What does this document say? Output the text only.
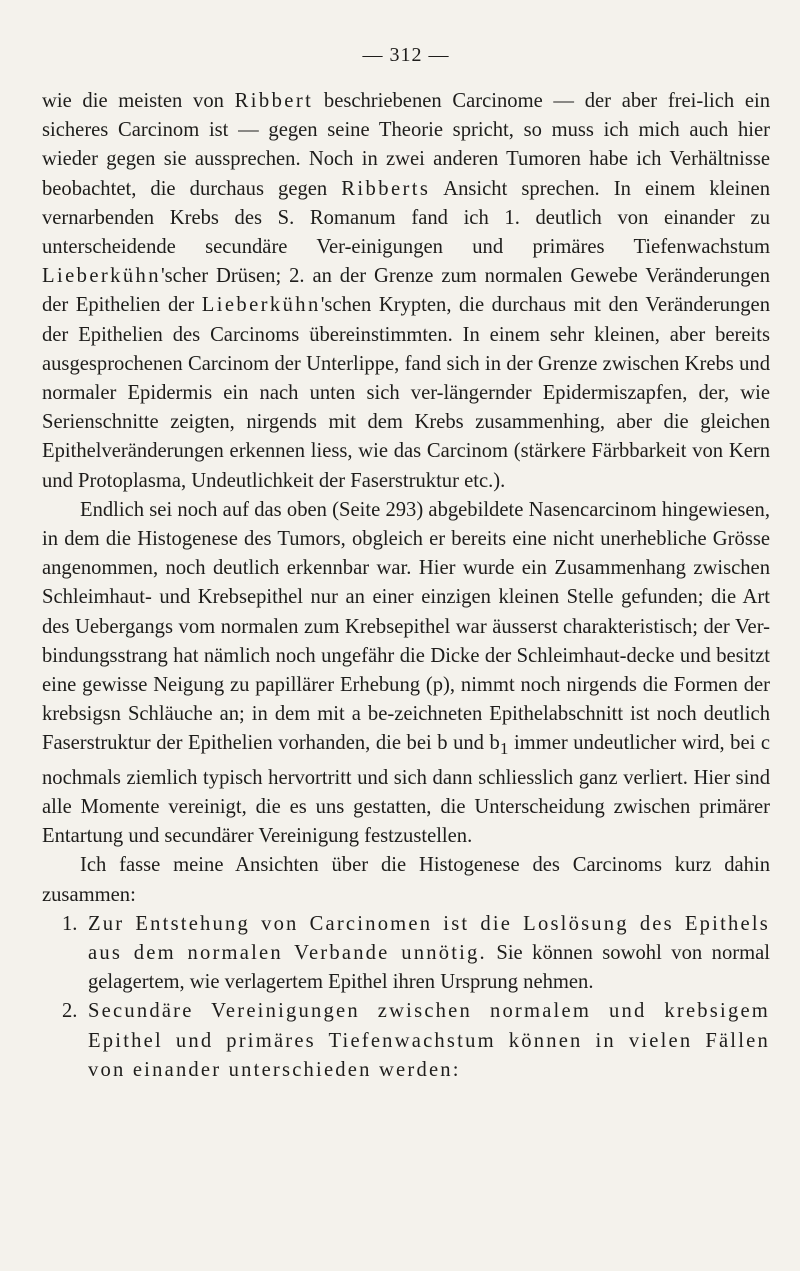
— 312 —

wie die meisten von Ribbert beschriebenen Carcinome — der aber frei-lich ein sicheres Carcinom ist — gegen seine Theorie spricht, so muss ich mich auch hier wieder gegen sie aussprechen. Noch in zwei anderen Tumoren habe ich Verhältnisse beobachtet, die durchaus gegen Ribberts Ansicht sprechen. In einem kleinen vernarbenden Krebs des S. Romanum fand ich 1. deutlich von einander zu unterscheidende secundäre Ver-einigungen und primäres Tiefenwachstum Lieberkühn'scher Drüsen; 2. an der Grenze zum normalen Gewebe Veränderungen der Epithelien der Lieberkühn'schen Krypten, die durchaus mit den Veränderungen der Epithelien des Carcinoms übereinstimmten. In einem sehr kleinen, aber bereits ausgesprochenen Carcinom der Unterlippe, fand sich in der Grenze zwischen Krebs und normaler Epidermis ein nach unten sich ver-längernder Epidermiszapfen, der, wie Serienschnitte zeigten, nirgends mit dem Krebs zusammenhing, aber die gleichen Epithelveränderungen erkennen liess, wie das Carcinom (stärkere Färbbarkeit von Kern und Protoplasma, Undeutlichkeit der Faserstruktur etc.).

Endlich sei noch auf das oben (Seite 293) abgebildete Nasencarcinom hingewiesen, in dem die Histogenese des Tumors, obgleich er bereits eine nicht unerhebliche Grösse angenommen, noch deutlich erkennbar war. Hier wurde ein Zusammenhang zwischen Schleimhaut- und Krebsepithel nur an einer einzigen kleinen Stelle gefunden; die Art des Uebergangs vom normalen zum Krebsepithel war äusserst charakteristisch; der Ver-bindungsstrang hat nämlich noch ungefähr die Dicke der Schleimhaut-decke und besitzt eine gewisse Neigung zu papillärer Erhebung (p), nimmt noch nirgends die Formen der krebsigsn Schläuche an; in dem mit a be-zeichneten Epithelabschnitt ist noch deutlich Faserstruktur der Epithelien vorhanden, die bei b und $b_1$ immer undeutlicher wird, bei c nochmals ziemlich typisch hervortritt und sich dann schliesslich ganz verliert. Hier sind alle Momente vereinigt, die es uns gestatten, die Unterscheidung zwischen primärer Entartung und secundärer Vereinigung festzustellen.

Ich fasse meine Ansichten über die Histogenese des Carcinoms kurz dahin zusammen:

1. Zur Entstehung von Carcinomen ist die Loslösung des Epithels aus dem normalen Verbande unnötig. Sie können sowohl von normal gelagertem, wie verlagertem Epithel ihren Ursprung nehmen.
2. Secundäre Vereinigungen zwischen normalem und krebsigem Epithel und primäres Tiefenwachstum können in vielen Fällen von einander unterschieden werden:
